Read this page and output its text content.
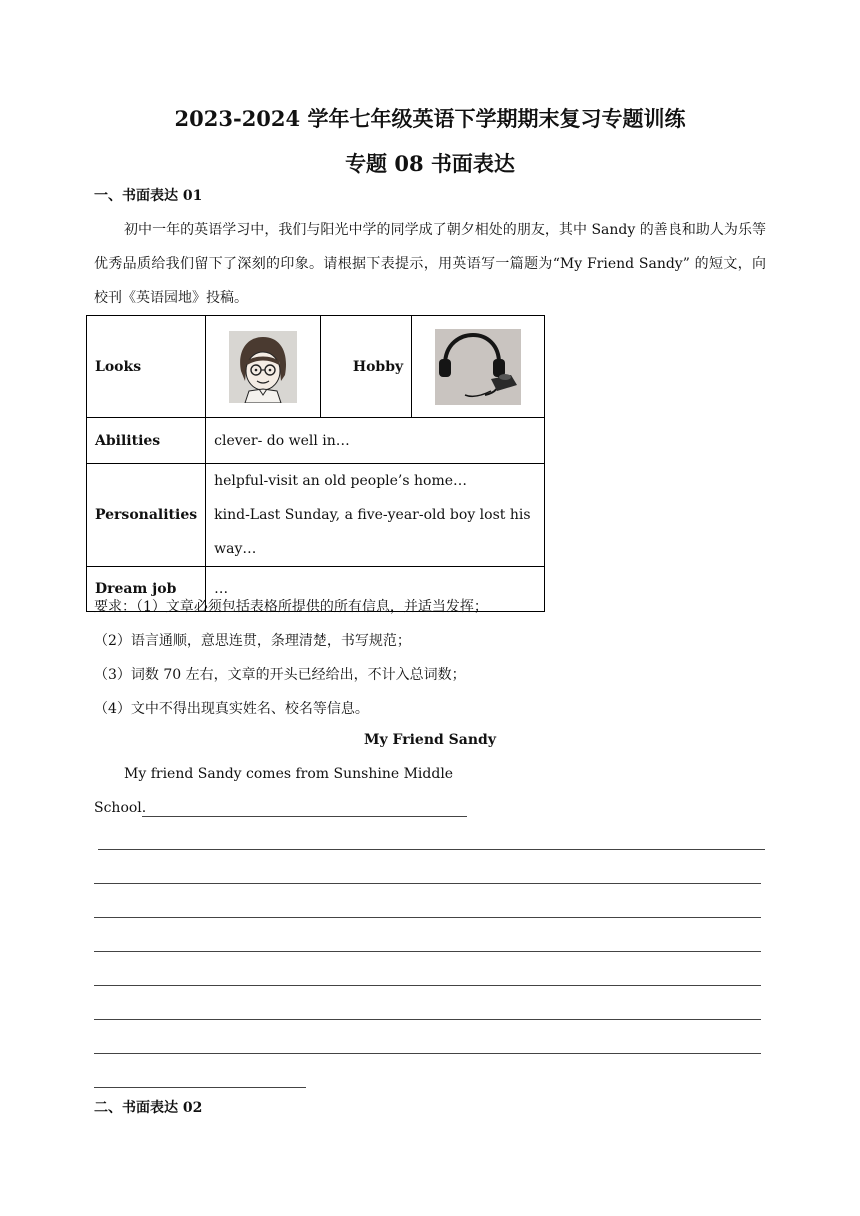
2023-2024 学年七年级英语下学期期末复习专题训练
专题 08 书面表达
一、书面表达 01
初中一年的英语学习中，我们与阳光中学的同学成了朝夕相处的朋友，其中 Sandy 的善良和助人为乐等优秀品质给我们留下了深刻的印象。请根据下表提示，用英语写一篇题为“My Friend Sandy” 的短文，向校刊《英语园地》投稿。
Looks		Hobby	

Abilities	clever- do well in…		
Personalities	helpful-visit an old people’s home…
kind-Last Sunday, a five-year-old boy lost his way…		

Dream job	…		
要求：（1）文章必须包括表格所提供的所有信息，并适当发挥；
（2）语言通顺，意思连贯，条理清楚，书写规范；
（3）词数 70 左右，文章的开头已经给出，不计入总词数；
（4）文中不得出现真实姓名、校名等信息。
My Friend Sandy
My friend Sandy comes from Sunshine Middle
School.
二、书面表达 02
